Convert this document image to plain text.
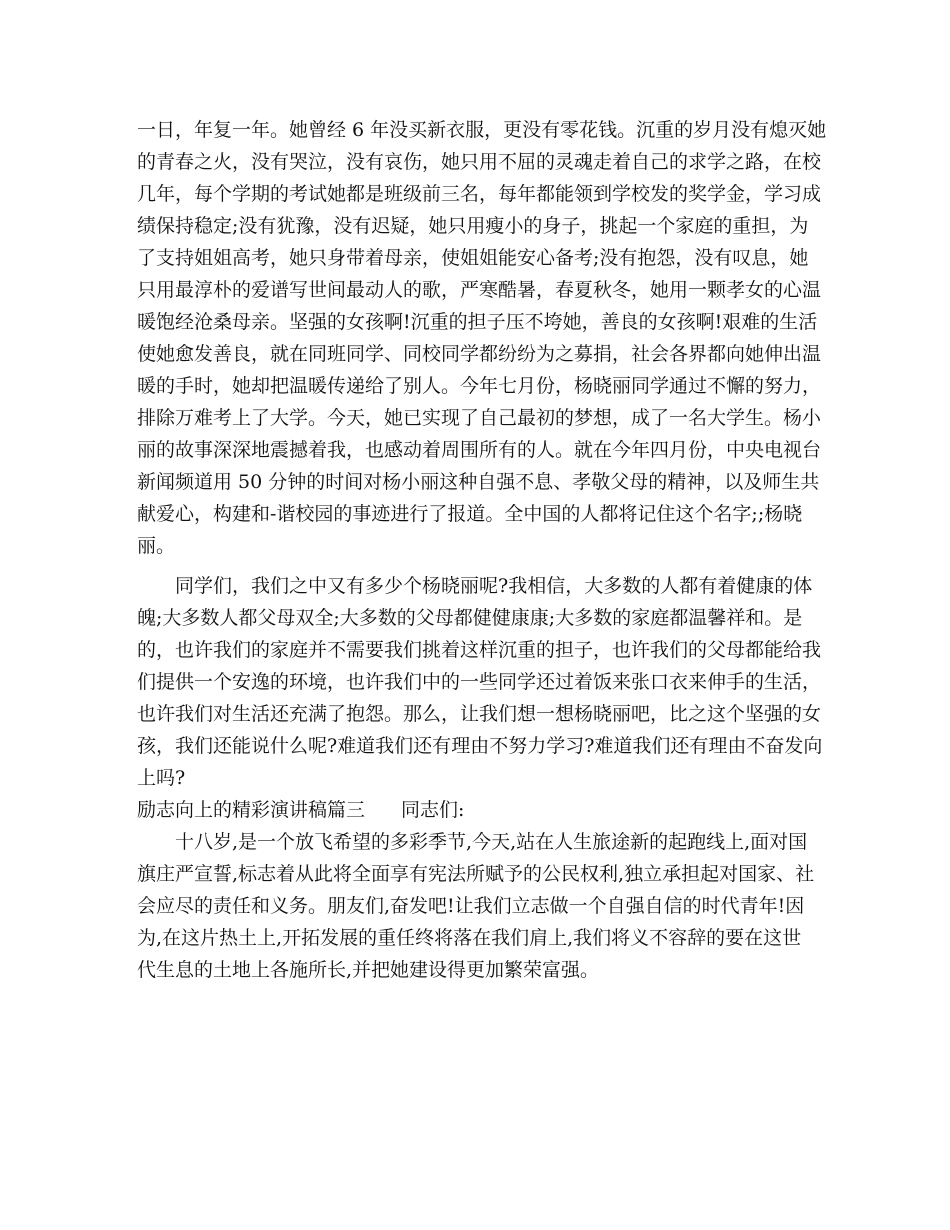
一日，年复一年。她曾经 6 年没买新衣服，更没有零花钱。沉重的岁月没有熄灭她
的青春之火，没有哭泣，没有哀伤，她只用不屈的灵魂走着自己的求学之路，在校
几年，每个学期的考试她都是班级前三名，每年都能领到学校发的奖学金，学习成
绩保持稳定;没有犹豫，没有迟疑，她只用瘦小的身子，挑起一个家庭的重担，为
了支持姐姐高考，她只身带着母亲，使姐姐能安心备考;没有抱怨，没有叹息，她
只用最淳朴的爱谱写世间最动人的歌，严寒酷暑，春夏秋冬，她用一颗孝女的心温
暖饱经沧桑母亲。坚强的女孩啊!沉重的担子压不垮她，善良的女孩啊!艰难的生活
使她愈发善良，就在同班同学、同校同学都纷纷为之募捐，社会各界都向她伸出温
暖的手时，她却把温暖传递给了别人。今年七月份，杨晓丽同学通过不懈的努力，
排除万难考上了大学。今天，她已实现了自己最初的梦想，成了一名大学生。杨小
丽的故事深深地震撼着我，也感动着周围所有的人。就在今年四月份，中央电视台
新闻频道用 50 分钟的时间对杨小丽这种自强不息、孝敬父母的精神，以及师生共
献爱心，构建和-谐校园的事迹进行了报道。全中国的人都将记住这个名字;;杨晓
丽。
同学们，我们之中又有多少个杨晓丽呢?我相信，大多数的人都有着健康的体
魄;大多数人都父母双全;大多数的父母都健健康康;大多数的家庭都温馨祥和。是
的，也许我们的家庭并不需要我们挑着这样沉重的担子，也许我们的父母都能给我
们提供一个安逸的环境，也许我们中的一些同学还过着饭来张口衣来伸手的生活，
也许我们对生活还充满了抱怨。那么，让我们想一想杨晓丽吧，比之这个坚强的女
孩，我们还能说什么呢?难道我们还有理由不努力学习?难道我们还有理由不奋发向
上吗?
励志向上的精彩演讲稿篇三 同志们:
十八岁,是一个放飞希望的多彩季节,今天,站在人生旅途新的起跑线上,面对国
旗庄严宣誓,标志着从此将全面享有宪法所赋予的公民权利,独立承担起对国家、社
会应尽的责任和义务。朋友们,奋发吧!让我们立志做一个自强自信的时代青年!因
为,在这片热土上,开拓发展的重任终将落在我们肩上,我们将义不容辞的要在这世
代生息的土地上各施所长,并把她建设得更加繁荣富强。
